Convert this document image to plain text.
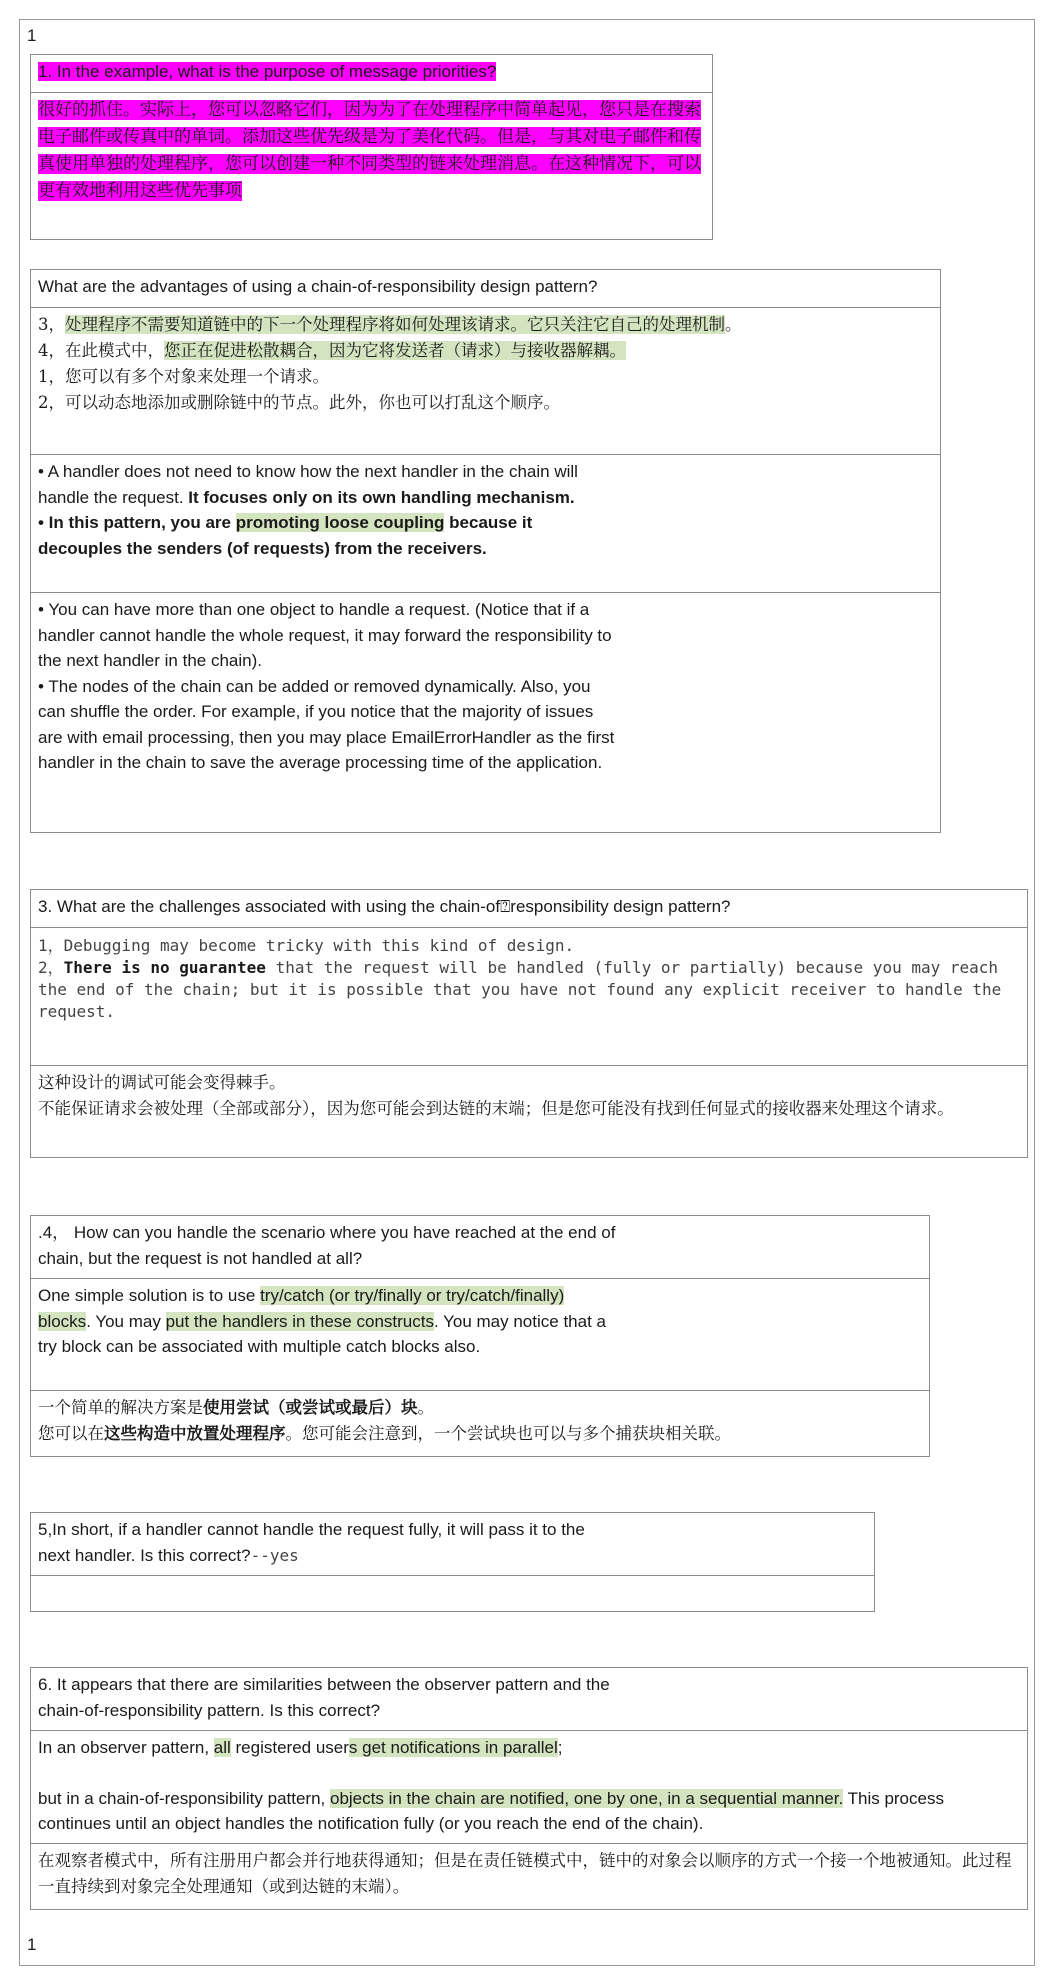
1
1. In the example, what is the purpose of message priorities?
很好的抓住。实际上，您可以忽略它们，因为为了在处理程序中简单起见，您只是在搜索电子邮件或传真中的单词。添加这些优先级是为了美化代码。但是，与其对电子邮件和传真使用单独的处理程序，您可以创建一种不同类型的链来处理消息。在这种情况下，可以更有效地利用这些优先事项
What are the advantages of using a chain-of-responsibility design pattern?
3，处理程序不需要知道链中的下一个处理程序将如何处理该请求。它只关注它自己的处理机制。
4，在此模式中，您正在促进松散耦合，因为它将发送者（请求）与接收器解耦。
1，您可以有多个对象来处理一个请求。
2，可以动态地添加或删除链中的节点。此外，你也可以打乱这个顺序。
• A handler does not need to know how the next handler in the chain will handle the request. It focuses only on its own handling mechanism.
• In this pattern, you are promoting loose coupling because it decouples the senders (of requests) from the receivers.
• You can have more than one object to handle a request. (Notice that if a handler cannot handle the whole request, it may forward the responsibility to the next handler in the chain).
• The nodes of the chain can be added or removed dynamically. Also, you can shuffle the order. For example, if you notice that the majority of issues are with email processing, then you may place EmailErrorHandler as the first handler in the chain to save the average processing time of the application.
3. What are the challenges associated with using the chain-of⍰responsibility design pattern?
1，Debugging may become tricky with this kind of design.
2，There is no guarantee that the request will be handled (fully or partially) because you may reach the end of the chain; but it is possible that you have not found any explicit receiver to handle the request.
这种设计的调试可能会变得棘手。
不能保证请求会被处理（全部或部分），因为您可能会到达链的末端；但是您可能没有找到任何显式的接收器来处理这个请求。
.4， How can you handle the scenario where you have reached at the end of chain, but the request is not handled at all?
One simple solution is to use try/catch (or try/finally or try/catch/finally) blocks. You may put the handlers in these constructs. You may notice that a try block can be associated with multiple catch blocks also.
一个简单的解决方案是使用尝试（或尝试或最后）块。
您可以在这些构造中放置处理程序。您可能会注意到，一个尝试块也可以与多个捕获块相关联。
5,In short, if a handler cannot handle the request fully, it will pass it to the next handler. Is this correct?--yes
6. It appears that there are similarities between the observer pattern and the chain-of-responsibility pattern. Is this correct?
In an observer pattern, all registered users get notifications in parallel;
but in a chain-of-responsibility pattern, objects in the chain are notified, one by one, in a sequential manner. This process continues until an object handles the notification fully (or you reach the end of the chain).
在观察者模式中，所有注册用户都会并行地获得通知；但是在责任链模式中，链中的对象会以顺序的方式一个接一个地被通知。此过程一直持续到对象完全处理通知（或到达链的末端）。
1
